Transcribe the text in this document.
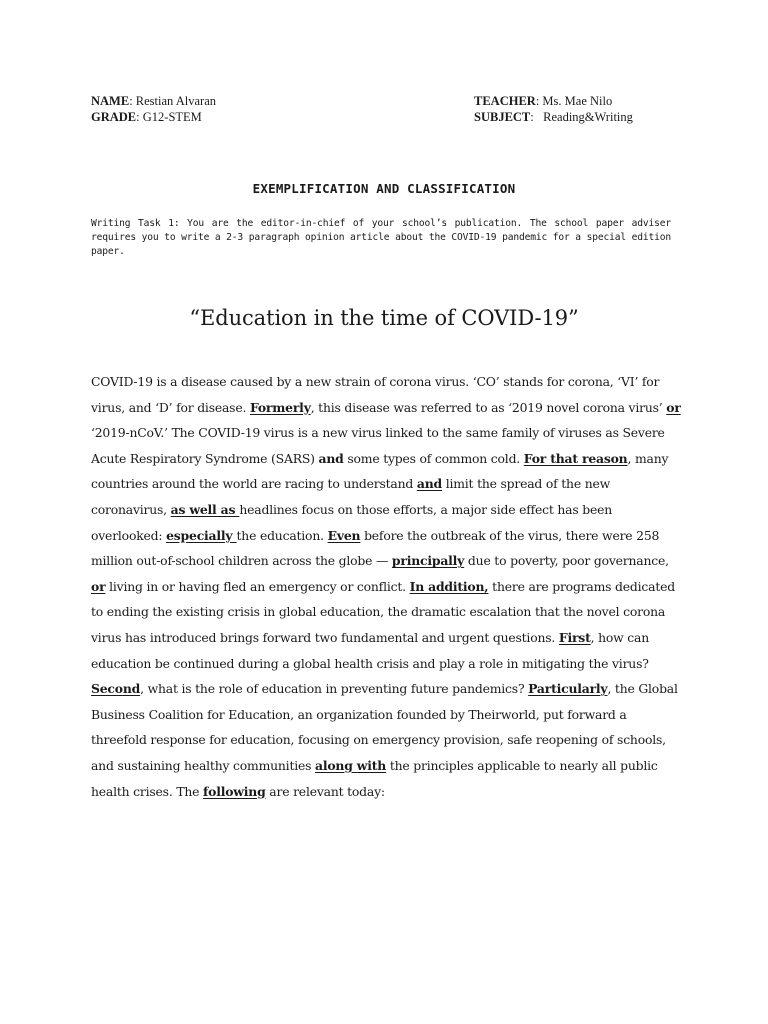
NAME: Restian Alvaran
GRADE: G12-STEM
TEACHER: Ms. Mae Nilo
SUBJECT:   Reading&Writing
EXEMPLIFICATION AND CLASSIFICATION
Writing Task 1: You are the editor-in-chief of your school’s publication. The school paper adviser requires you to write a 2-3 paragraph opinion article about the COVID-19 pandemic for a special edition paper.
“Education in the time of COVID-19”
COVID-19 is a disease caused by a new strain of corona virus. ‘CO’ stands for corona, ‘VI’ for
virus, and ‘D’ for disease. Formerly, this disease was referred to as ‘2019 novel corona virus’ or
‘2019-nCoV.’ The COVID-19 virus is a new virus linked to the same family of viruses as Severe
Acute Respiratory Syndrome (SARS) and some types of common cold. For that reason, many
countries around the world are racing to understand and limit the spread of the new
coronavirus, as well as headlines focus on those efforts, a major side effect has been
overlooked: especially the education. Even before the outbreak of the virus, there were 258
million out-of-school children across the globe — principally due to poverty, poor governance,
or living in or having fled an emergency or conflict. In addition, there are programs dedicated
to ending the existing crisis in global education, the dramatic escalation that the novel corona
virus has introduced brings forward two fundamental and urgent questions. First, how can
education be continued during a global health crisis and play a role in mitigating the virus?
Second, what is the role of education in preventing future pandemics? Particularly, the Global
Business Coalition for Education, an organization founded by Theirworld, put forward a
threefold response for education, focusing on emergency provision, safe reopening of schools,
and sustaining healthy communities along with the principles applicable to nearly all public
health crises. The following are relevant today:
